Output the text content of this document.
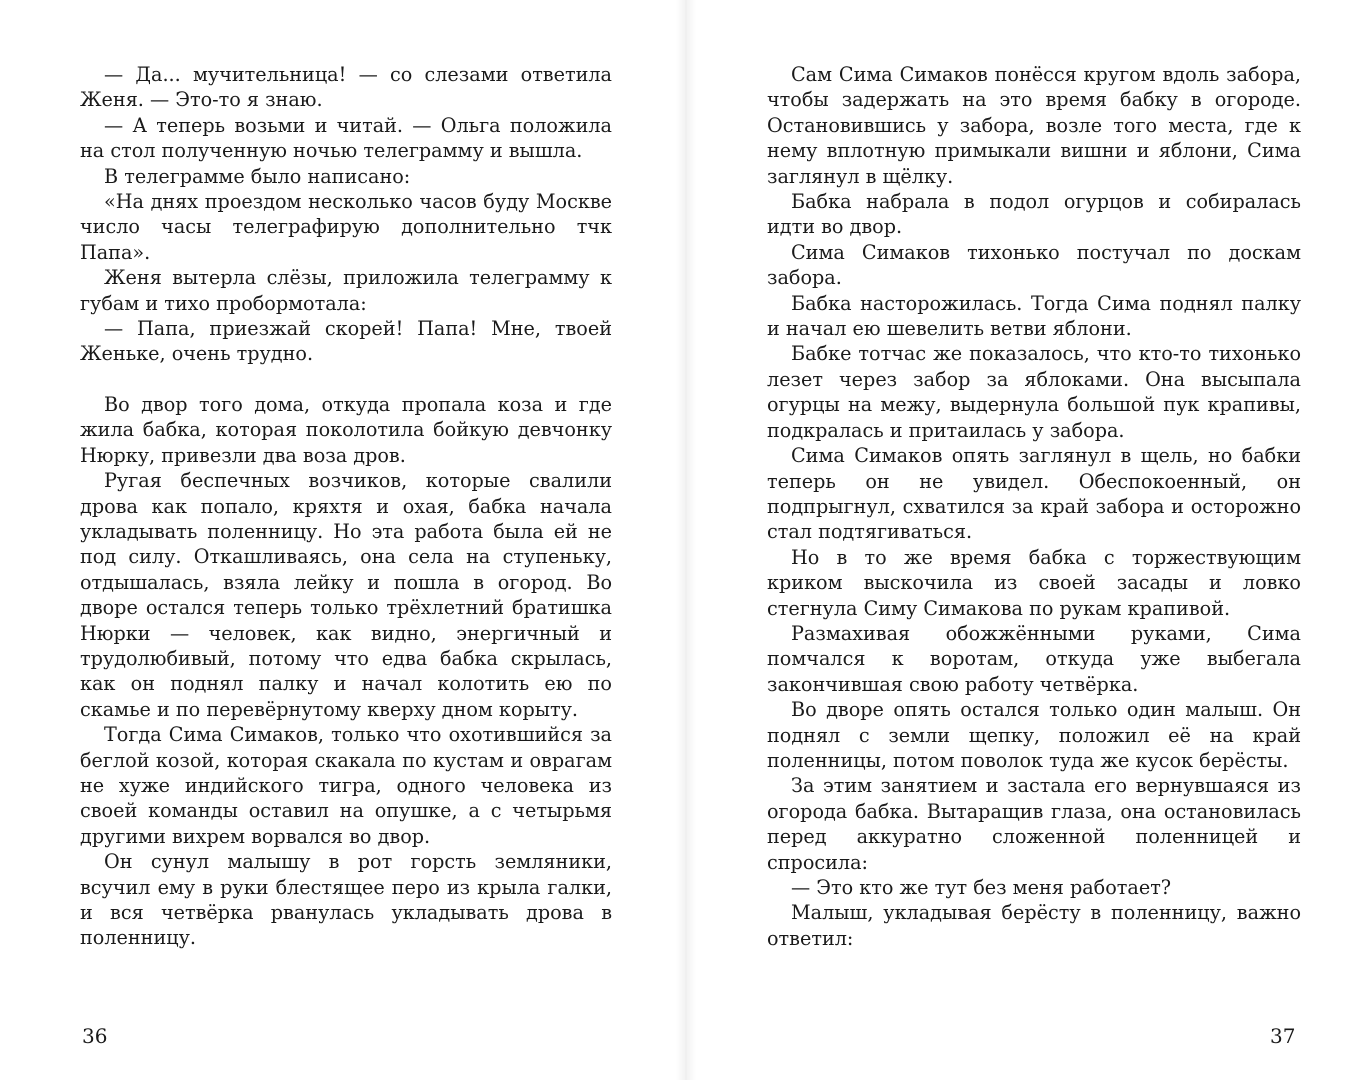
— Да... мучительница! — со слезами ответила Женя. — Это-то я знаю.

— А теперь возьми и читай. — Ольга положила на стол полученную ночью телеграмму и вышла.

В телеграмме было написано:

«На днях проездом несколько часов буду Москве число часы телеграфирую дополнительно тчк Папа».

Женя вытерла слёзы, приложила телеграмму к губам и тихо пробормотала:

— Папа, приезжай скорей! Папа! Мне, твоей Женьке, очень трудно.

Во двор того дома, откуда пропала коза и где жила бабка, которая поколотила бойкую девчонку Нюрку, привезли два воза дров.

Ругая беспечных возчиков, которые свалили дрова как попало, кряхтя и охая, бабка начала укладывать поленницу. Но эта работа была ей не под силу. Откашливаясь, она села на ступеньку, отдышалась, взяла лейку и пошла в огород. Во дворе остался теперь только трёхлетний братишка Нюрки — человек, как видно, энергичный и трудолюбивый, потому что едва бабка скрылась, как он поднял палку и начал колотить ею по скамье и по перевёрнутому кверху дном корыту.

Тогда Сима Симаков, только что охотившийся за беглой козой, которая скакала по кустам и оврагам не хуже индийского тигра, одного человека из своей команды оставил на опушке, а с четырьмя другими вихрем ворвался во двор.

Он сунул малышу в рот горсть земляники, всучил ему в руки блестящее перо из крыла галки, и вся четвёрка рванулась укладывать дрова в поленницу.

Сам Сима Симаков понёсся кругом вдоль забора, чтобы задержать на это время бабку в огороде. Остановившись у забора, возле того места, где к нему вплотную примыкали вишни и яблони, Сима заглянул в щёлку.

Бабка набрала в подол огурцов и собиралась идти во двор.

Сима Симаков тихонько постучал по доскам забора.

Бабка насторожилась. Тогда Сима поднял палку и начал ею шевелить ветви яблони.

Бабке тотчас же показалось, что кто-то тихонько лезет через забор за яблоками. Она высыпала огурцы на межу, выдернула большой пук крапивы, подкралась и притаилась у забора.

Сима Симаков опять заглянул в щель, но бабки теперь он не увидел. Обеспокоенный, он подпрыгнул, схватился за край забора и осторожно стал подтягиваться.

Но в то же время бабка с торжествующим криком выскочила из своей засады и ловко стегнула Симу Симакова по рукам крапивой.

Размахивая обожжёнными руками, Сима помчался к воротам, откуда уже выбегала закончившая свою работу четвёрка.

Во дворе опять остался только один малыш. Он поднял с земли щепку, положил её на край поленницы, потом поволок туда же кусок берёсты.

За этим занятием и застала его вернувшаяся из огорода бабка. Вытаращив глаза, она остановилась перед аккуратно сложенной поленницей и спросила:

— Это кто же тут без меня работает?

Малыш, укладывая берёсту в поленницу, важно ответил:

36	37
